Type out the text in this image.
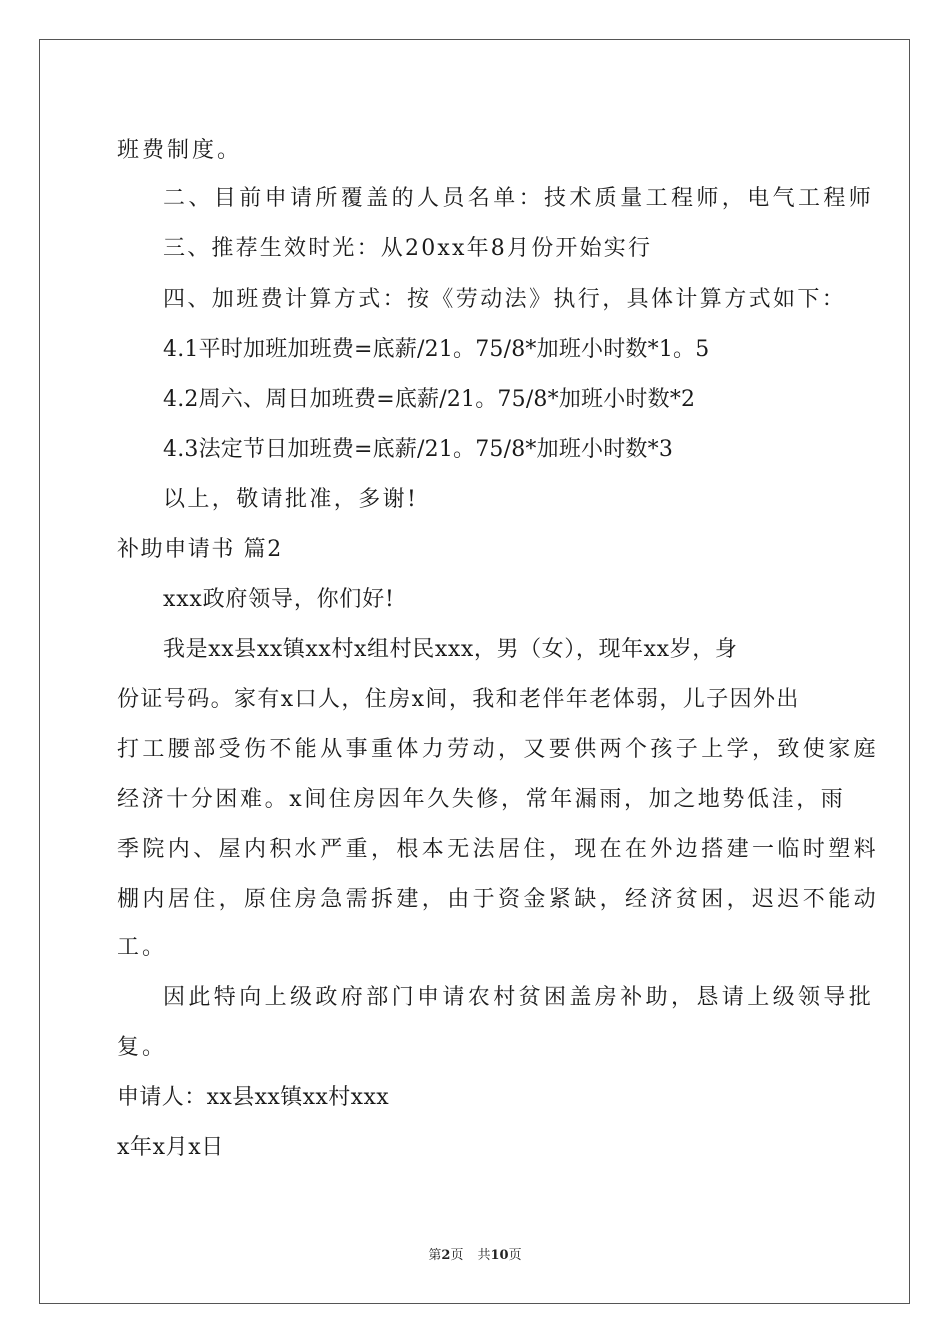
班费制度。
二、目前申请所覆盖的人员名单：技术质量工程师，电气工程师
三、推荐生效时光：从20xx年8月份开始实行
四、加班费计算方式：按《劳动法》执行，具体计算方式如下：
4.1平时加班加班费=底薪/21。75/8*加班小时数*1。5
4.2周六、周日加班费=底薪/21。75/8*加班小时数*2
4.3法定节日加班费=底薪/21。75/8*加班小时数*3
以上，敬请批准，多谢!
补助申请书 篇2
xxx政府领导，你们好!
我是xx县xx镇xx村x组村民xxx，男（女），现年xx岁，身
份证号码。家有x口人，住房x间，我和老伴年老体弱，儿子因外出
打工腰部受伤不能从事重体力劳动，又要供两个孩子上学，致使家庭
经济十分困难。x间住房因年久失修，常年漏雨，加之地势低洼，雨
季院内、屋内积水严重，根本无法居住，现在在外边搭建一临时塑料
棚内居住，原住房急需拆建，由于资金紧缺，经济贫困，迟迟不能动
工。
因此特向上级政府部门申请农村贫困盖房补助，恳请上级领导批
复。
申请人：xx县xx镇xx村xxx
x年x月x日
第2页 共10页
